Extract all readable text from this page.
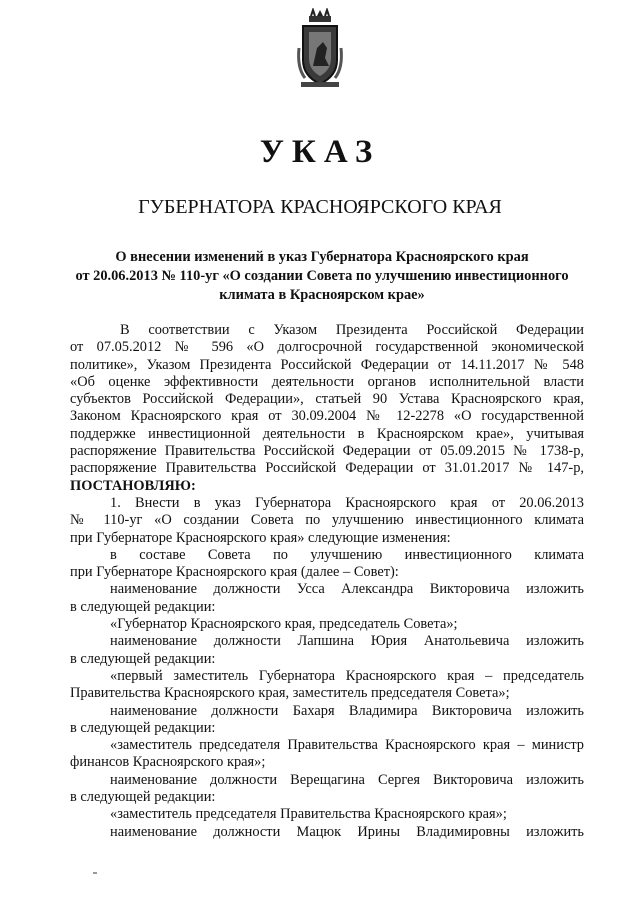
УКАЗ
ГУБЕРНАТОРА КРАСНОЯРСКОГО КРАЯ
О внесении изменений в указ Губернатора Красноярского края
от 20.06.2013 № 110-уг «О создании Совета по улучшению инвестиционного
климата в Красноярском крае»
В соответствии с Указом Президента Российской Федерации
от 07.05.2012 № 596 «О долгосрочной государственной экономической
политике», Указом Президента Российской Федерации от 14.11.2017 № 548
«Об оценке эффективности деятельности органов исполнительной власти
субъектов Российской Федерации», статьей 90 Устава Красноярского края,
Законом Красноярского края от 30.09.2004 № 12-2278 «О государственной
поддержке инвестиционной деятельности в Красноярском крае», учитывая
распоряжение Правительства Российской Федерации от 05.09.2015 № 1738-р,
распоряжение Правительства Российской Федерации от 31.01.2017 № 147-р,
ПОСТАНОВЛЯЮ:
1. Внести в указ Губернатора Красноярского края от 20.06.2013
№ 110-уг «О создании Совета по улучшению инвестиционного климата
при Губернаторе Красноярского края» следующие изменения:
в составе Совета по улучшению инвестиционного климата
при Губернаторе Красноярского края (далее – Совет):
наименование должности Усса Александра Викторовича изложить
в следующей редакции:
«Губернатор Красноярского края, председатель Совета»;
наименование должности Лапшина Юрия Анатольевича изложить
в следующей редакции:
«первый заместитель Губернатора Красноярского края – председатель
Правительства Красноярского края, заместитель председателя Совета»;
наименование должности Бахаря Владимира Викторовича изложить
в следующей редакции:
«заместитель председателя Правительства Красноярского края – министр
финансов Красноярского края»;
наименование должности Верещагина Сергея Викторовича изложить
в следующей редакции:
«заместитель председателя Правительства Красноярского края»;
наименование должности Мацюк Ирины Владимировны изложить
